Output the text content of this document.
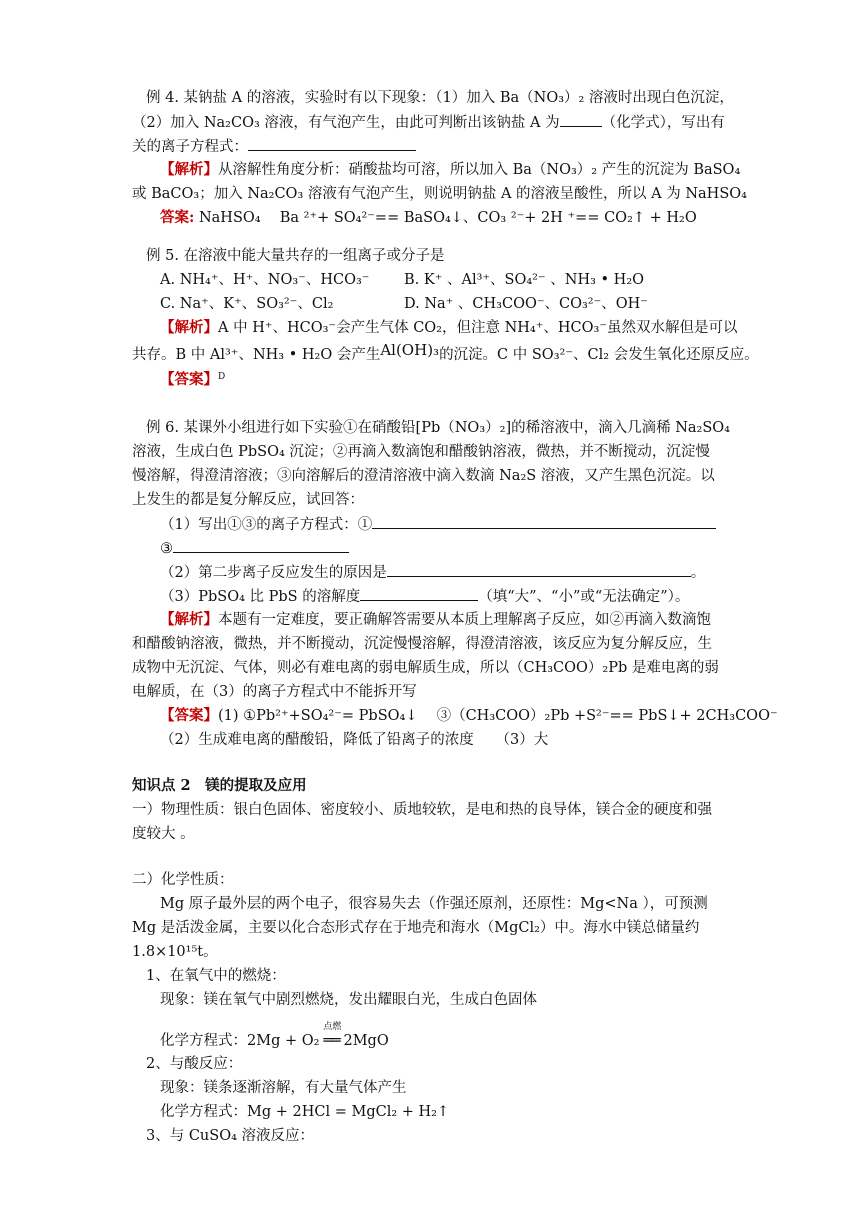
例 4. 某钠盐 A 的溶液，实验时有以下现象：（1）加入 Ba（NO₃）₂ 溶液时出现白色沉淀，
（2）加入 Na₂CO₃ 溶液，有气泡产生，由此可判断出该钠盐 A 为	（化学式），写出有
关的离子方程式：
【解析】从溶解性角度分析：硝酸盐均可溶，所以加入 Ba（NO₃）₂ 产生的沉淀为 BaSO₄
或 BaCO₃；加入 Na₂CO₃ 溶液有气泡产生，则说明钠盐 A 的溶液呈酸性，所以 A 为 NaHSO₄
答案: NaHSO₄　 Ba ²⁺+ SO₄²⁻== BaSO₄↓、CO₃ ²⁻+ 2H ⁺== CO₂↑ + H₂O
例 5. 在溶液中能大量共存的一组离子或分子是
A. NH₄⁺、H⁺、NO₃⁻、HCO₃⁻ B. K⁺ 、Al³⁺、SO₄²⁻ 、NH₃ • H₂O
C. Na⁺、K⁺、SO₃²⁻、Cl₂	D. Na⁺ 、CH₃COO⁻、CO₃²⁻、OH⁻
【解析】A 中 H⁺、HCO₃⁻会产生气体 CO₂，但注意 NH₄⁺、HCO₃⁻虽然双水解但是可以
共存。B 中 Al³⁺、NH₃ • H₂O 会产生Al(OH)₃的沉淀。C 中 SO₃²⁻、Cl₂ 会发生氧化还原反应。
【答案】$^D$
例 6. 某课外小组进行如下实验①在硝酸铅[Pb（NO₃）₂]的稀溶液中，滴入几滴稀 Na₂SO₄
溶液，生成白色 PbSO₄ 沉淀；②再滴入数滴饱和醋酸钠溶液，微热，并不断搅动，沉淀慢
慢溶解，得澄清溶液；③向溶解后的澄清溶液中滴入数滴 Na₂S 溶液，又产生黑色沉淀。以
上发生的都是复分解反应，试回答：
（1）写出①③的离子方程式：①
③
（2）第二步离子反应发生的原因是	。
（3）PbSO₄ 比 PbS 的溶解度	（填“大”、“小”或“无法确定”）。
【解析】本题有一定难度，要正确解答需要从本质上理解离子反应，如②再滴入数滴饱
和醋酸钠溶液，微热，并不断搅动，沉淀慢慢溶解，得澄清溶液，该反应为复分解反应，生
成物中无沉淀、气体，则必有难电离的弱电解质生成，所以（CH₃COO）₂Pb 是难电离的弱
电解质，在（3）的离子方程式中不能拆开写
【答案】(1) ①Pb²⁺+SO₄²⁻= PbSO₄↓　 ③（CH₃COO）₂Pb +S²⁻== PbS↓+ 2CH₃COO⁻
（2）生成难电离的醋酸铅，降低了铅离子的浓度　　（3）大
知识点 2　镁的提取及应用
一）物理性质：银白色固体、密度较小、质地较软，是电和热的良导体，镁合金的硬度和强
度较大 。
二）化学性质：
Mg 原子最外层的两个电子，很容易失去（作强还原剂，还原性：Mg<Na ），可预测
Mg 是活泼金属，主要以化合态形式存在于地壳和海水（MgCl₂）中。海水中镁总储量约
1.8×10¹⁵t。
1、在氧气中的燃烧：
现象：镁在氧气中剧烈燃烧，发出耀眼白光，生成白色固体
化学方程式：2Mg + O₂
点燃
══ 2MgO
2、与酸反应：
现象：镁条逐渐溶解，有大量气体产生
化学方程式：Mg + 2HCl = MgCl₂ + H₂↑
3、与 CuSO₄ 溶液反应：
